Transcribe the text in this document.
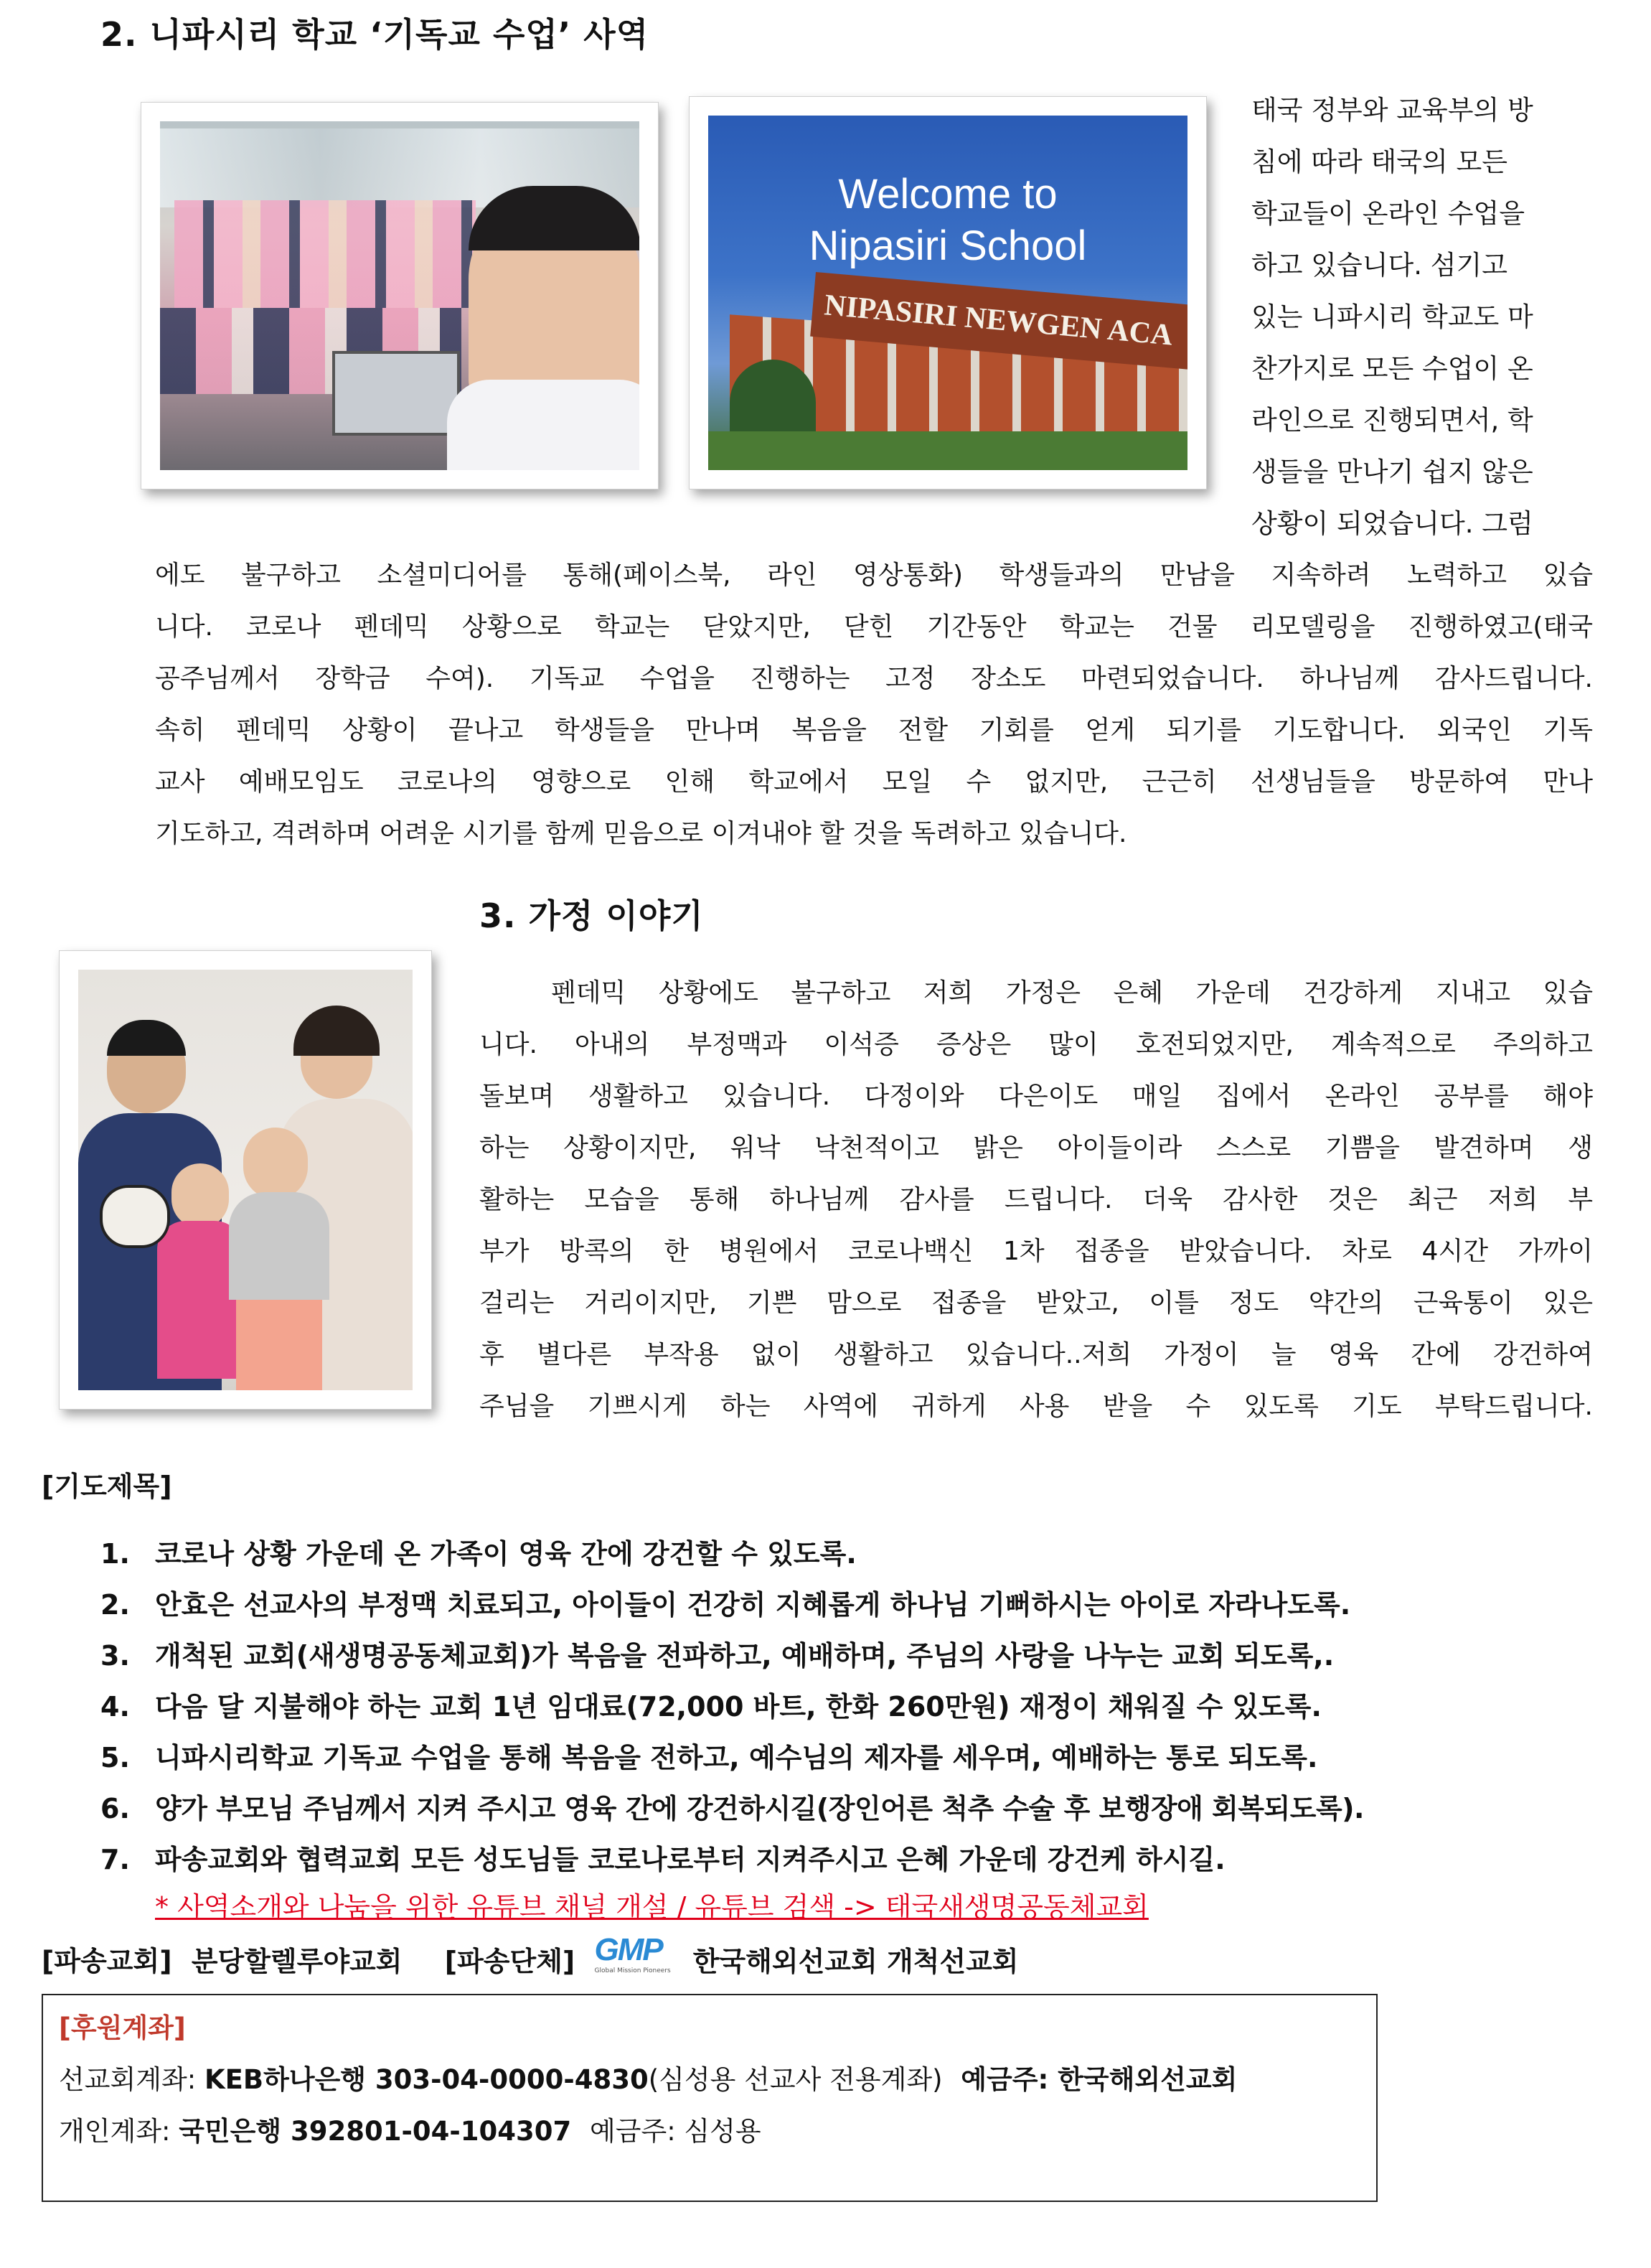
2. 니파시리 학교 ‘기독교 수업’ 사역
Welcome to
Nipasiri School
NIPASIRI NEWGEN ACA

태국 정부와 교육부의 방

침에 따라 태국의 모든

학교들이 온라인 수업을

하고 있습니다. 섬기고

있는 니파시리 학교도 마

찬가지로 모든 수업이 온

라인으로 진행되면서, 학

생들을 만나기 쉽지 않은

상황이 되었습니다. 그럼

에도 불구하고 소셜미디어를 통해(페이스북, 라인 영상통화) 학생들과의 만남을 지속하려 노력하고 있습

니다. 코로나 펜데믹 상황으로 학교는 닫았지만, 닫힌 기간동안 학교는 건물 리모델링을 진행하였고(태국

공주님께서 장학금 수여). 기독교 수업을 진행하는 고정 장소도 마련되었습니다. 하나님께 감사드립니다.

속히 펜데믹 상황이 끝나고 학생들을 만나며 복음을 전할 기회를 얻게 되기를 기도합니다. 외국인 기독

교사 예배모임도 코로나의 영향으로 인해 학교에서 모일 수 없지만, 근근히 선생님들을 방문하여 만나

기도하고, 격려하며 어려운 시기를 함께 믿음으로 이겨내야 할 것을 독려하고 있습니다.

3. 가정 이야기

펜데믹 상황에도 불구하고 저희 가정은 은혜 가운데 건강하게 지내고 있습

니다. 아내의 부정맥과 이석증 증상은 많이 호전되었지만, 계속적으로 주의하고

돌보며 생활하고 있습니다. 다정이와 다은이도 매일 집에서 온라인 공부를 해야

하는 상황이지만, 워낙 낙천적이고 밝은 아이들이라 스스로 기쁨을 발견하며 생

활하는 모습을 통해 하나님께 감사를 드립니다. 더욱 감사한 것은 최근 저희 부

부가 방콕의 한 병원에서 코로나백신 1차 접종을 받았습니다. 차로 4시간 가까이

걸리는 거리이지만, 기쁜 맘으로 접종을 받았고, 이틀 정도 약간의 근육통이 있은

후 별다른 부작용 없이 생활하고 있습니다..저희 가정이 늘 영육 간에 강건하여

주님을 기쁘시게 하는 사역에 귀하게 사용 받을 수 있도록 기도 부탁드립니다.

[기도제목]
1. 코로나 상황 가운데 온 가족이 영육 간에 강건할 수 있도록.
2. 안효은 선교사의 부정맥 치료되고, 아이들이 건강히 지혜롭게 하나님 기뻐하시는 아이로 자라나도록.
3. 개척된 교회(새생명공동체교회)가 복음을 전파하고, 예배하며, 주님의 사랑을 나누는 교회 되도록,.
4. 다음 달 지불해야 하는 교회 1년 임대료(72,000 바트, 한화 260만원) 재정이 채워질 수 있도록.
5. 니파시리학교 기독교 수업을 통해 복음을 전하고, 예수님의 제자를 세우며, 예배하는 통로 되도록.
6. 양가 부모님 주님께서 지켜 주시고 영육 간에 강건하시길(장인어른 척추 수술 후 보행장애 회복되도록).
7. 파송교회와 협력교회 모든 성도님들 코로나로부터 지켜주시고 은혜 가운데 강건케 하시길.
* 사역소개와 나눔을 위한 유튜브 채널 개설 / 유튜브 검색 -> 태국새생명공동체교회
[파송교회] 분당할렐루야교회 [파송단체] GMP
Global Mission Pioneers 한국해외선교회 개척선교회
[후원계좌]
선교회계좌: KEB하나은행 303-04-0000-4830(심성용 선교사 전용계좌) 예금주: 한국해외선교회
개인계좌: 국민은행 392801-04-104307 예금주: 심성용
